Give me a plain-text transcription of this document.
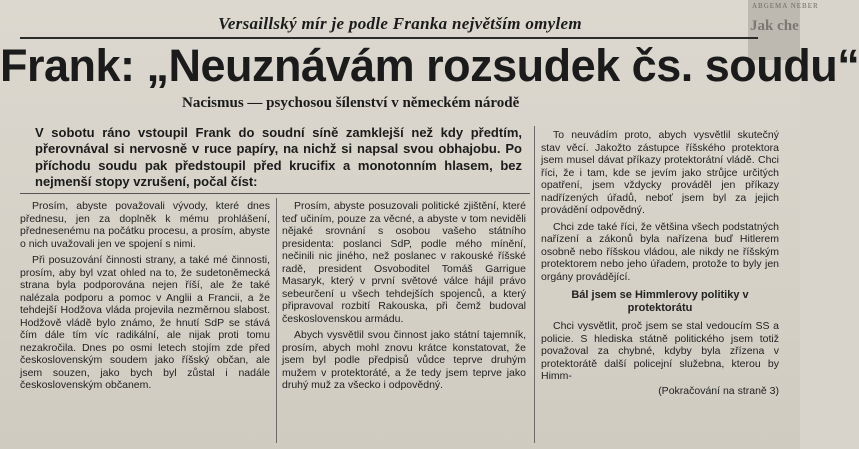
ABGEMA NEBER
Jak che
Versaillský mír je podle Franka největším omylem
Frank: „Neuznávám rozsudek čs. soudu“
Nacismus — psychosou šílenství v německém národě
V sobotu ráno vstoupil Frank do soudní síně zamklejší než kdy předtím, přerovnával si nervosně v ruce papíry, na nichž si napsal svou obhajobu. Po příchodu soudu pak předstoupil před krucifix a monotonním hlasem, bez nejmenší stopy vzrušení, počal číst:

Prosím, abyste považovali vývody, které dnes přednesu, jen za doplněk k mému prohlášení, přednesenému na počátku procesu, a prosím, abyste o nich uvažovali jen ve spojení s nimi.

Při posuzování činnosti strany, a také mé činnosti, prosím, aby byl vzat ohled na to, že sudetoněmecká strana byla podporována nejen říší, ale že také nalézala podporu a pomoc v Anglii a Francii, a že tehdejší Hodžova vláda projevila nezměrnou slabost. Hodžově vládě bylo známo, že hnutí SdP se stává čím dále tím víc radikální, ale nijak proti tomu nezakročila. Dnes po osmi letech stojím zde před československým soudem jako říšský občan, ale jsem souzen, jako bych byl zůstal i nadále československým občanem.

Prosím, abyste posuzovali politické zjištění, které teď učiním, pouze za věcné, a abyste v tom neviděli nějaké srovnání s osobou vašeho státního presidenta: poslanci SdP, podle mého mínění, nečinili nic jiného, než poslanec v rakouské říšské radě, president Osvoboditel Tomáš Garrigue Masaryk, který v první světové válce hájil právo sebeurčení u všech tehdejších spojenců, a který připravoval rozbití Rakouska, při čemž budoval československou armádu.

Abych vysvětlil svou činnost jako státní tajemník, prosím, abych mohl znovu krátce konstatovat, že jsem byl podle předpisů vůdce teprve druhým mužem v protektoráté, a že tedy jsem teprve jako druhý muž za všecko i odpovědný.

To neuvádím proto, abych vysvětlil skutečný stav věcí. Jakožto zástupce říšského protektora jsem musel dávat příkazy protektorátní vládě. Chci říci, že i tam, kde se jevím jako strůjce určitých opatření, jsem vždycky prováděl jen příkazy nadřízených úřadů, neboť jsem byl za jejich provádění odpovědný.

Chci zde také říci, že většina všech podstatných nařízení a zákonů byla nařízena buď Hitlerem osobně nebo říšskou vládou, ale nikdy ne říšským protektorem nebo jeho úřadem, protože to byly jen orgány provádějící.

Bál jsem se Himmlerovy politiky v protektorátu

Chci vysvětlit, proč jsem se stal vedoucím SS a policie. S hlediska státně politického jsem totiž považoval za chybné, kdyby byla zřízena v protektorátě další policejní služebna, kterou by Himm-

(Pokračování na straně 3)
